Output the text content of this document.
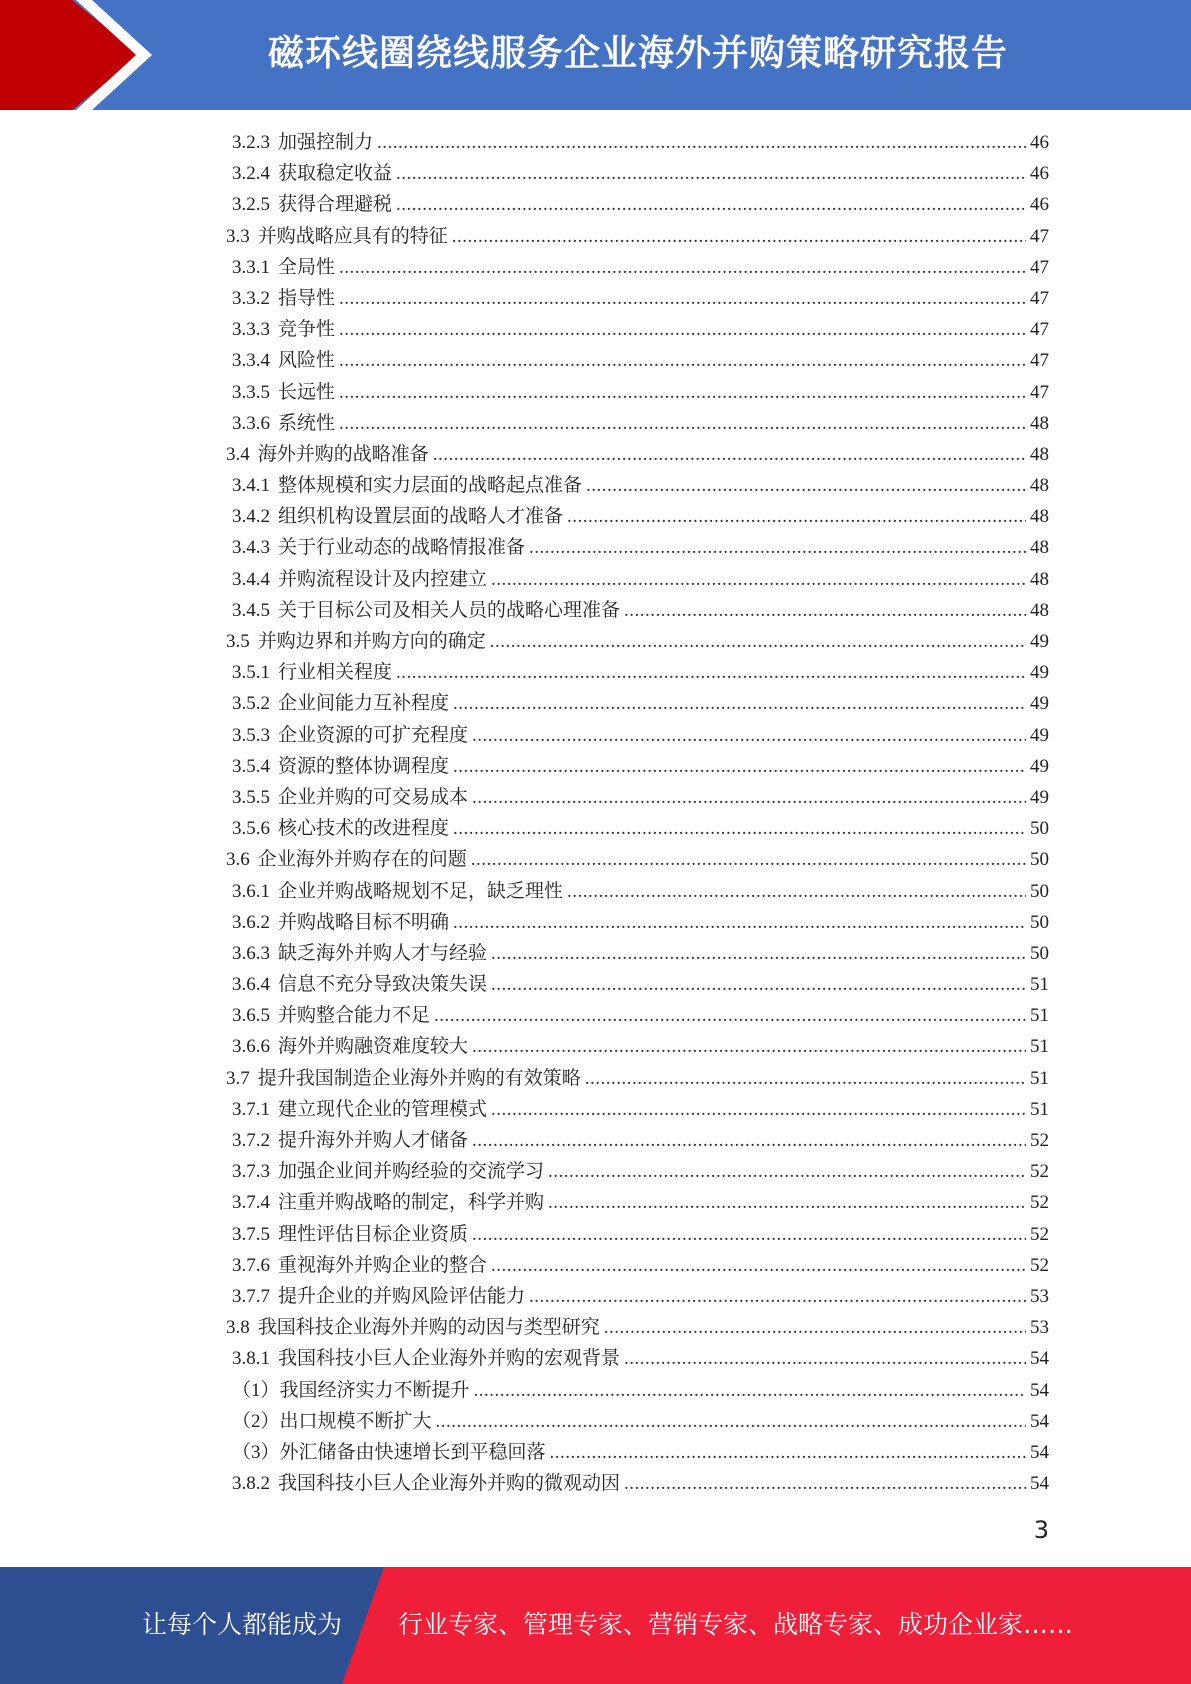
磁环线圈绕线服务企业海外并购策略研究报告
3.2.3 加强控制力 .....	46
3.2.4 获取稳定收益 .....	46
3.2.5 获得合理避税 .....	46
3.3 并购战略应具有的特征 .....	47
3.3.1 全局性 .....	47
3.3.2 指导性 .....	47
3.3.3 竞争性 .....	47
3.3.4 风险性 .....	47
3.3.5 长远性 .....	47
3.3.6 系统性 .....	48
3.4 海外并购的战略准备 .....	48
3.4.1 整体规模和实力层面的战略起点准备 .....	48
3.4.2 组织机构设置层面的战略人才准备 .....	48
3.4.3 关于行业动态的战略情报准备 .....	48
3.4.4 并购流程设计及内控建立 .....	48
3.4.5 关于目标公司及相关人员的战略心理准备 .....	48
3.5 并购边界和并购方向的确定 .....	49
3.5.1 行业相关程度 .....	49
3.5.2 企业间能力互补程度 .....	49
3.5.3 企业资源的可扩充程度 .....	49
3.5.4 资源的整体协调程度 .....	49
3.5.5 企业并购的可交易成本 .....	49
3.5.6 核心技术的改进程度 .....	50
3.6 企业海外并购存在的问题 .....	50
3.6.1 企业并购战略规划不足，缺乏理性 .....	50
3.6.2 并购战略目标不明确 .....	50
3.6.3 缺乏海外并购人才与经验 .....	50
3.6.4 信息不充分导致决策失误 .....	51
3.6.5 并购整合能力不足 .....	51
3.6.6 海外并购融资难度较大 .....	51
3.7 提升我国制造企业海外并购的有效策略 .....	51
3.7.1 建立现代企业的管理模式 .....	51
3.7.2 提升海外并购人才储备 .....	52
3.7.3 加强企业间并购经验的交流学习 .....	52
3.7.4 注重并购战略的制定，科学并购 .....	52
3.7.5 理性评估目标企业资质 .....	52
3.7.6 重视海外并购企业的整合 .....	52
3.7.7 提升企业的并购风险评估能力 .....	53
3.8 我国科技企业海外并购的动因与类型研究 .....	53
3.8.1 我国科技小巨人企业海外并购的宏观背景 .....	54
（1）我国经济实力不断提升 .....	54
（2）出口规模不断扩大 .....	54
（3）外汇储备由快速增长到平稳回落 .....	54
3.8.2 我国科技小巨人企业海外并购的微观动因 .....	54
3
让每个人都能成为 行业专家、管理专家、营销专家、战略专家、成功企业家……
